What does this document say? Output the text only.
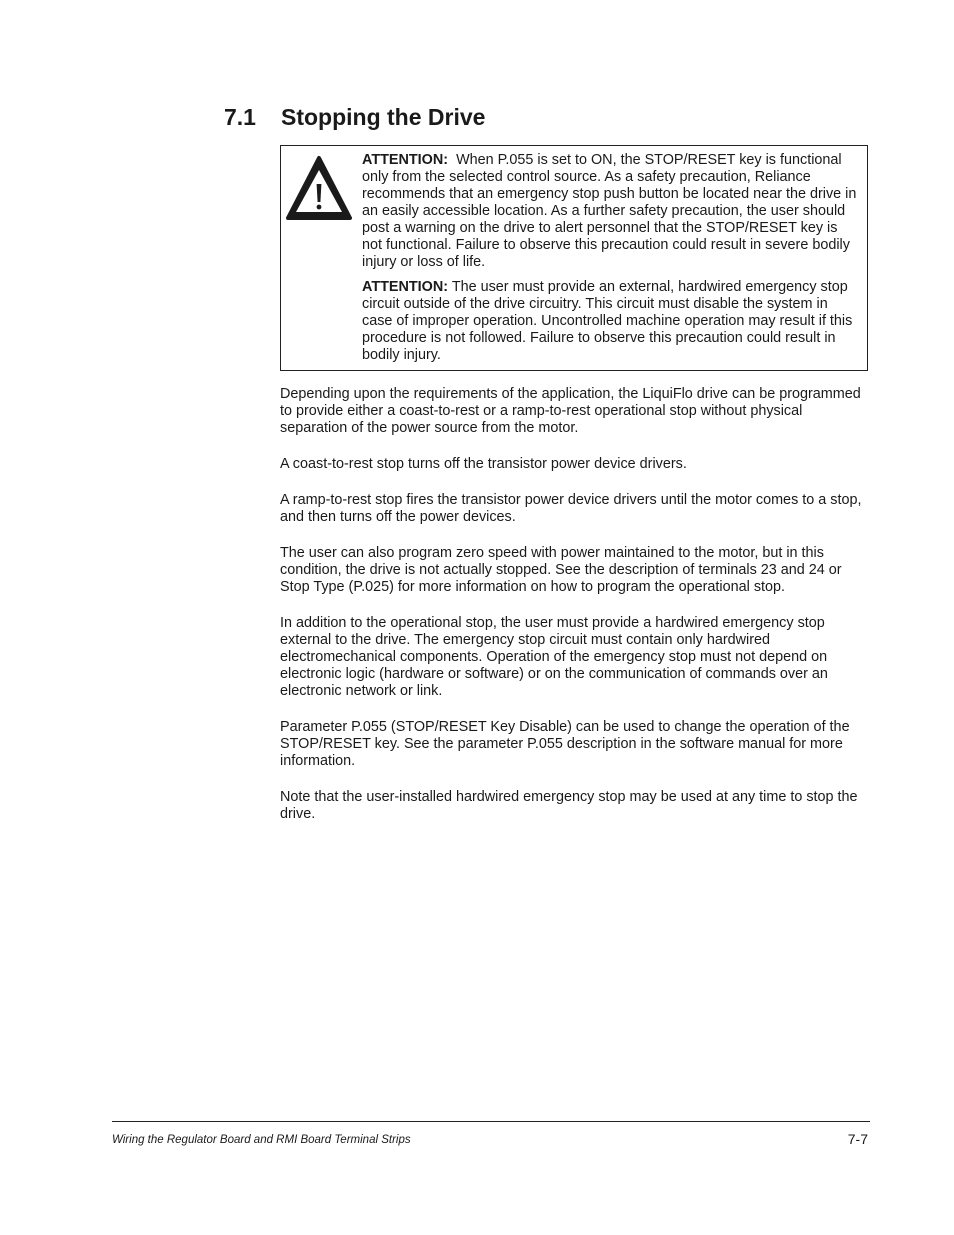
7.1	Stopping the Drive

ATTENTION: When P.055 is set to ON, the STOP/RESET key is functional only from the selected control source. As a safety precaution, Reliance recommends that an emergency stop push button be located near the drive in an easily accessible location. As a further safety precaution, the user should post a warning on the drive to alert personnel that the STOP/RESET key is not functional. Failure to observe this precaution could result in severe bodily injury or loss of life.

ATTENTION: The user must provide an external, hardwired emergency stop circuit outside of the drive circuitry. This circuit must disable the system in case of improper operation. Uncontrolled machine operation may result if this procedure is not followed. Failure to observe this precaution could result in bodily injury.

Depending upon the requirements of the application, the LiquiFlo drive can be programmed to provide either a coast-to-rest or a ramp-to-rest operational stop without physical separation of the power source from the motor.

A coast-to-rest stop turns off the transistor power device drivers.

A ramp-to-rest stop fires the transistor power device drivers until the motor comes to a stop, and then turns off the power devices.

The user can also program zero speed with power maintained to the motor, but in this condition, the drive is not actually stopped. See the description of terminals 23 and 24 or Stop Type (P.025) for more information on how to program the operational stop.

In addition to the operational stop, the user must provide a hardwired emergency stop external to the drive. The emergency stop circuit must contain only hardwired electromechanical components. Operation of the emergency stop must not depend on electronic logic (hardware or software) or on the communication of commands over an electronic network or link.

Parameter P.055 (STOP/RESET Key Disable) can be used to change the operation of the STOP/RESET key. See the parameter P.055 description in the software manual for more information.

Note that the user-installed hardwired emergency stop may be used at any time to stop the drive.

Wiring the Regulator Board and RMI Board Terminal Strips	7-7
